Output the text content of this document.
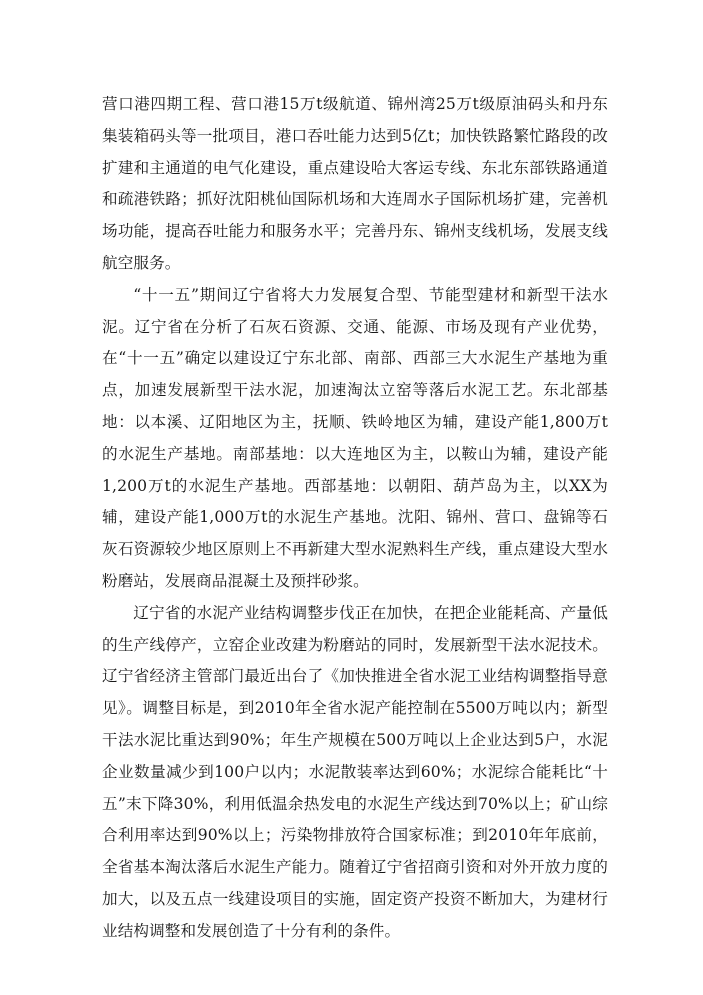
营口港四期工程、营口港15万t级航道、锦州湾25万t级原油码头和丹东集装箱码头等一批项目，港口吞吐能力达到5亿t；加快铁路繁忙路段的改扩建和主通道的电气化建设，重点建设哈大客运专线、东北东部铁路通道和疏港铁路；抓好沈阳桃仙国际机场和大连周水子国际机场扩建，完善机场功能，提高吞吐能力和服务水平；完善丹东、锦州支线机场，发展支线航空服务。

“十一五”期间辽宁省将大力发展复合型、节能型建材和新型干法水泥。辽宁省在分析了石灰石资源、交通、能源、市场及现有产业优势，在“十一五”确定以建设辽宁东北部、南部、西部三大水泥生产基地为重点，加速发展新型干法水泥，加速淘汰立窑等落后水泥工艺。东北部基地：以本溪、辽阳地区为主，抚顺、铁岭地区为辅，建设产能1,800万t的水泥生产基地。南部基地：以大连地区为主，以鞍山为辅，建设产能1,200万t的水泥生产基地。西部基地：以朝阳、葫芦岛为主，以XX为辅，建设产能1,000万t的水泥生产基地。沈阳、锦州、营口、盘锦等石灰石资源较少地区原则上不再新建大型水泥熟料生产线，重点建设大型水粉磨站，发展商品混凝土及预拌砂浆。

辽宁省的水泥产业结构调整步伐正在加快，在把企业能耗高、产量低的生产线停产，立窑企业改建为粉磨站的同时，发展新型干法水泥技术。辽宁省经济主管部门最近出台了《加快推进全省水泥工业结构调整指导意见》。调整目标是，到2010年全省水泥产能控制在5500万吨以内；新型干法水泥比重达到90%；年生产规模在500万吨以上企业达到5户，水泥企业数量减少到100户以内；水泥散装率达到60%；水泥综合能耗比“十五”末下降30%，利用低温余热发电的水泥生产线达到70%以上；矿山综合利用率达到90%以上；污染物排放符合国家标准；到2010年年底前，全省基本淘汰落后水泥生产能力。随着辽宁省招商引资和对外开放力度的加大，以及五点一线建设项目的实施，固定资产投资不断加大，为建材行业结构调整和发展创造了十分有利的条件。
